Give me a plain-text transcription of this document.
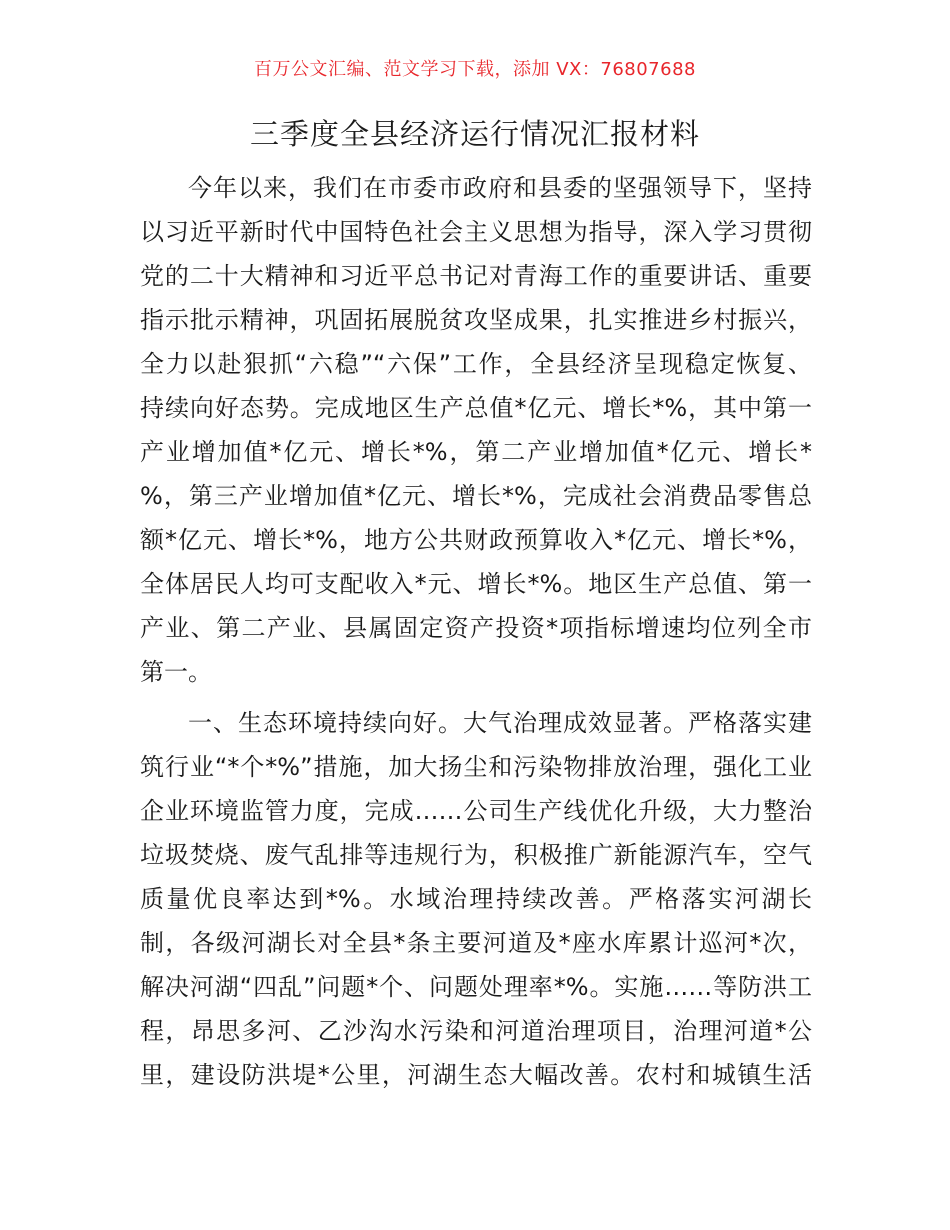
百万公文汇编、范文学习下载，添加 VX：76807688
三季度全县经济运行情况汇报材料
今年以来，我们在市委市政府和县委的坚强领导下，坚持
以习近平新时代中国特色社会主义思想为指导，深入学习贯彻
党的二十大精神和习近平总书记对青海工作的重要讲话、重要
指示批示精神，巩固拓展脱贫攻坚成果，扎实推进乡村振兴，
全力以赴狠抓“六稳”“六保”工作，全县经济呈现稳定恢复、
持续向好态势。完成地区生产总值*亿元、增长*%，其中第一
产业增加值*亿元、增长*%，第二产业增加值*亿元、增长*
%，第三产业增加值*亿元、增长*%，完成社会消费品零售总
额*亿元、增长*%，地方公共财政预算收入*亿元、增长*%，
全体居民人均可支配收入*元、增长*%。地区生产总值、第一
产业、第二产业、县属固定资产投资*项指标增速均位列全市
第一。
一、生态环境持续向好。大气治理成效显著。严格落实建
筑行业“*个*%”措施，加大扬尘和污染物排放治理，强化工业
企业环境监管力度，完成……公司生产线优化升级，大力整治
垃圾焚烧、废气乱排等违规行为，积极推广新能源汽车，空气
质量优良率达到*%。水域治理持续改善。严格落实河湖长
制，各级河湖长对全县*条主要河道及*座水库累计巡河*次，
解决河湖“四乱”问题*个、问题处理率*%。实施……等防洪工
程，昂思多河、乙沙沟水污染和河道治理项目，治理河道*公
里，建设防洪堤*公里，河湖生态大幅改善。农村和城镇生活
